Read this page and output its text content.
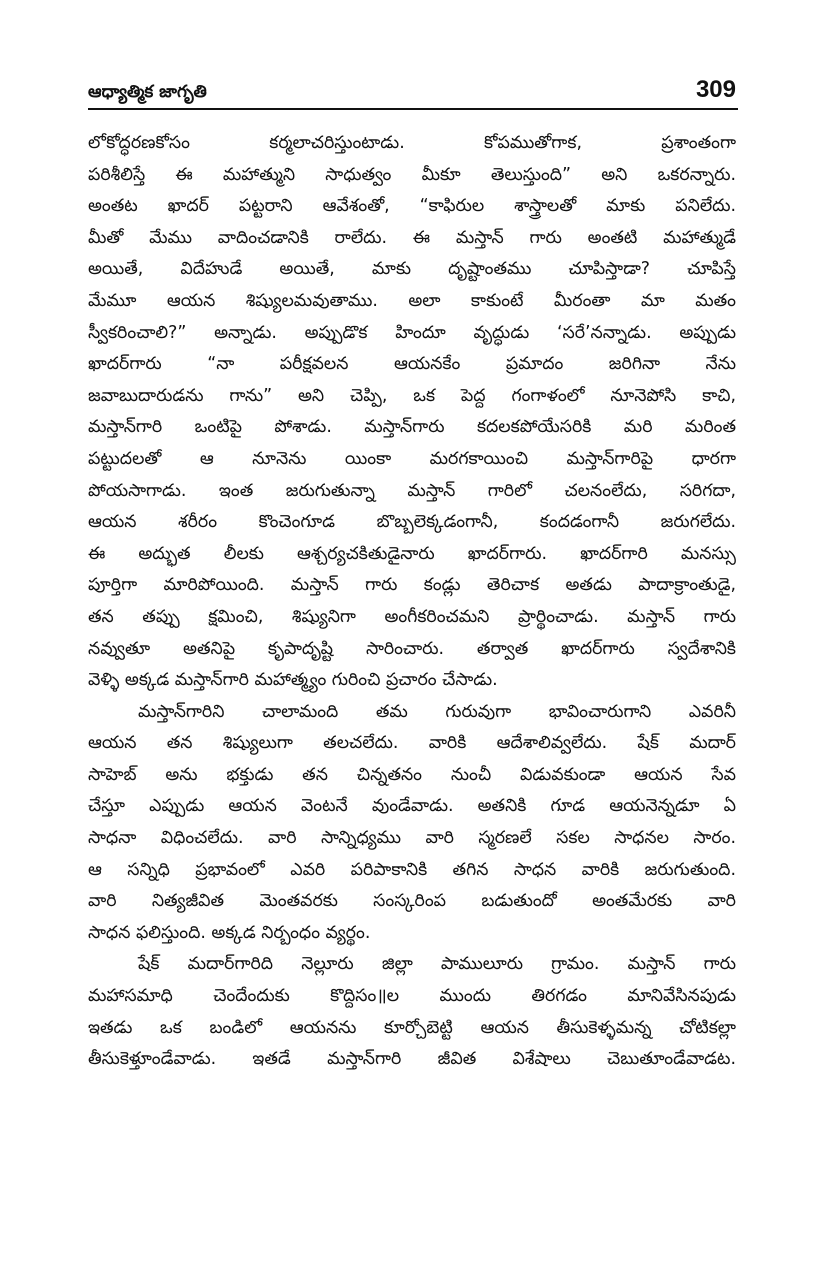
ఆధ్యాత్మిక జాగృతి	309
లోకోద్ధరణకోసం కర్మలాచరిస్తుంటాడు. కోపముతోగాక, ప్రశాంతంగా
పరిశీలిస్తే ఈ మహాత్ముని సాధుత్వం మీకూ తెలుస్తుంది” అని ఒకరన్నారు.
అంతట ఖాదర్ పట్టరాని ఆవేశంతో, “కాఫిరుల శాస్త్రాలతో మాకు పనిలేదు.
మీతో మేము వాదించడానికి రాలేదు. ఈ మస్తాన్ గారు అంతటి మహాత్ముడే
అయితే, విదేహుడే అయితే, మాకు దృష్టాంతము చూపిస్తాడా? చూపిస్తే
మేమూ ఆయన శిష్యులమవుతాము. అలా కాకుంటే మీరంతా మా మతం
స్వీకరించాలి?” అన్నాడు. అప్పుడొక హిందూ వృద్ధుడు ‘సరే’నన్నాడు. అప్పుడు
ఖాదర్‌గారు “నా పరీక్షవలన ఆయనకేం ప్రమాదం జరిగినా నేను
జవాబుదారుడను గాను” అని చెప్పి, ఒక పెద్ద గంగాళంలో నూనెపోసి కాచి,
మస్తాన్‌గారి ఒంటిపై పోశాడు. మస్తాన్‌గారు కదలకపోయేసరికి మరి మరింత
పట్టుదలతో ఆ నూనెను యింకా మరగకాయించి మస్తాన్‌గారిపై ధారగా
పోయసాగాడు. ఇంత జరుగుతున్నా మస్తాన్ గారిలో చలనంలేదు, సరిగదా,
ఆయన శరీరం కొంచెంగూడ బొబ్బలెక్కడంగానీ, కందడంగానీ జరుగలేదు.
ఈ అద్భుత లీలకు ఆశ్చర్యచకితుడైనారు ఖాదర్‌గారు. ఖాదర్‌గారి మనస్సు
పూర్తిగా మారిపోయింది. మస్తాన్ గారు కండ్లు తెరిచాక అతడు పాదాక్రాంతుడై,
తన తప్పు క్షమించి, శిష్యునిగా అంగీకరించమని ప్రార్థించాడు. మస్తాన్ గారు
నవ్వుతూ అతనిపై కృపాదృష్టి సారించారు. తర్వాత ఖాదర్‌గారు స్వదేశానికి
వెళ్ళి అక్కడ మస్తాన్‌గారి మహాత్మ్యం గురించి ప్రచారం చేసాడు.
మస్తాన్‌గారిని చాలామంది తమ గురువుగా భావించారుగాని ఎవరినీ
ఆయన తన శిష్యులుగా తలచలేదు. వారికి ఆదేశాలివ్వలేదు. షేక్ మదార్
సాహెబ్ అను భక్తుడు తన చిన్నతనం నుంచీ విడువకుండా ఆయన సేవ
చేస్తూ ఎప్పుడు ఆయన వెంటనే వుండేవాడు. అతనికి గూడ ఆయనెన్నడూ ఏ
సాధనా విధించలేదు. వారి సాన్నిధ్యము వారి స్మరణలే సకల సాధనల సారం.
ఆ సన్నిధి ప్రభావంలో ఎవరి పరిపాకానికి తగిన సాధన వారికి జరుగుతుంది.
వారి నిత్యజీవిత మెంతవరకు సంస్కరింప బడుతుందో అంతమేరకు వారి
సాధన ఫలిస్తుంది. అక్కడ నిర్బంధం వ్యర్థం.
షేక్ మదార్‌గారిది నెల్లూరు జిల్లా పాములూరు గ్రామం. మస్తాన్ గారు
మహాసమాధి చెందేందుకు కొద్దిసం॥ల ముందు తిరగడం మానివేసినపుడు
ఇతడు ఒక బండిలో ఆయనను కూర్చోబెట్టి ఆయన తీసుకెళ్ళమన్న చోటికల్లా
తీసుకెళ్తూండేవాడు. ఇతడే మస్తాన్‌గారి జీవిత విశేషాలు చెబుతూండేవాడట.
